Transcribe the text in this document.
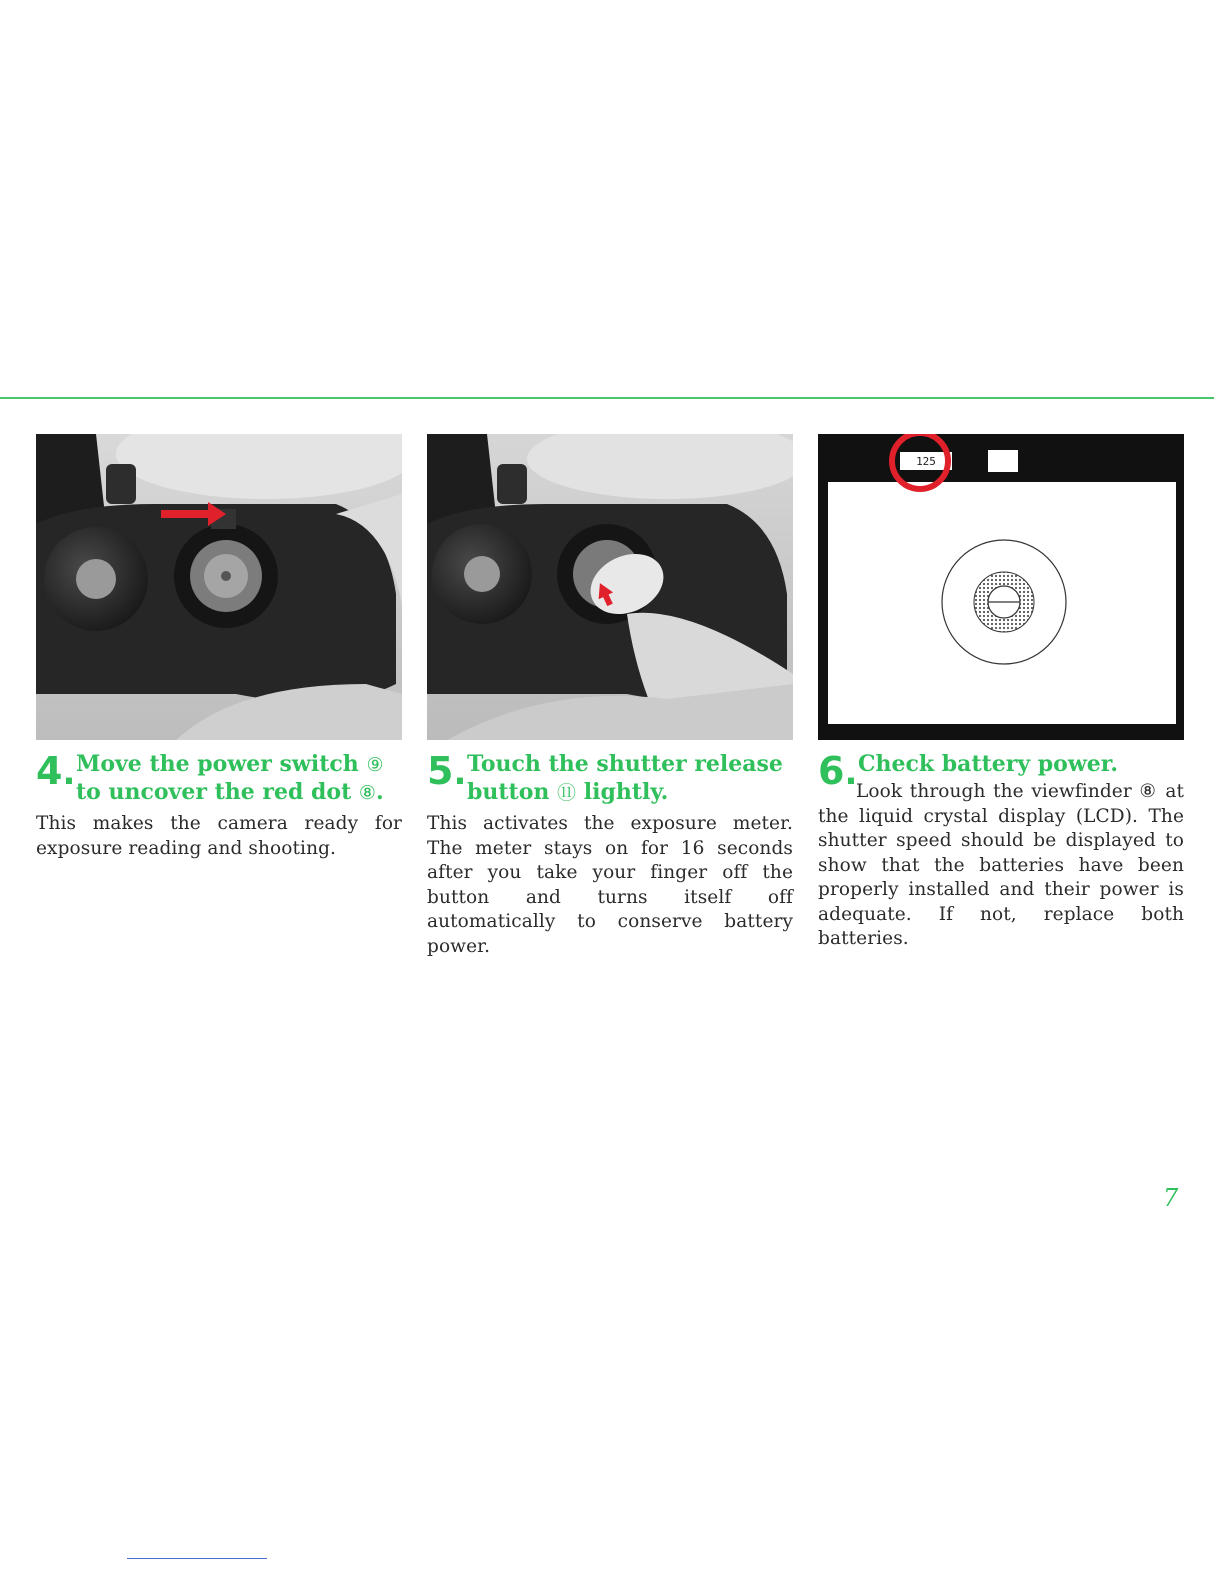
4. Move the power switch ⑨
to uncover the red dot ⑧.
This makes the camera ready for exposure reading and shooting.
5. Touch the shutter release
button ⑪ lightly.
This activates the exposure meter. The meter stays on for 16 seconds after you take your finger off the button and turns itself off automatically to conserve battery power.
125
6. Check battery power.
Look through the viewfinder ⑧ at the liquid crystal display (LCD). The shutter speed should be displayed to show that the batteries have been properly installed and their power is adequate. If not, replace both batteries.
7
